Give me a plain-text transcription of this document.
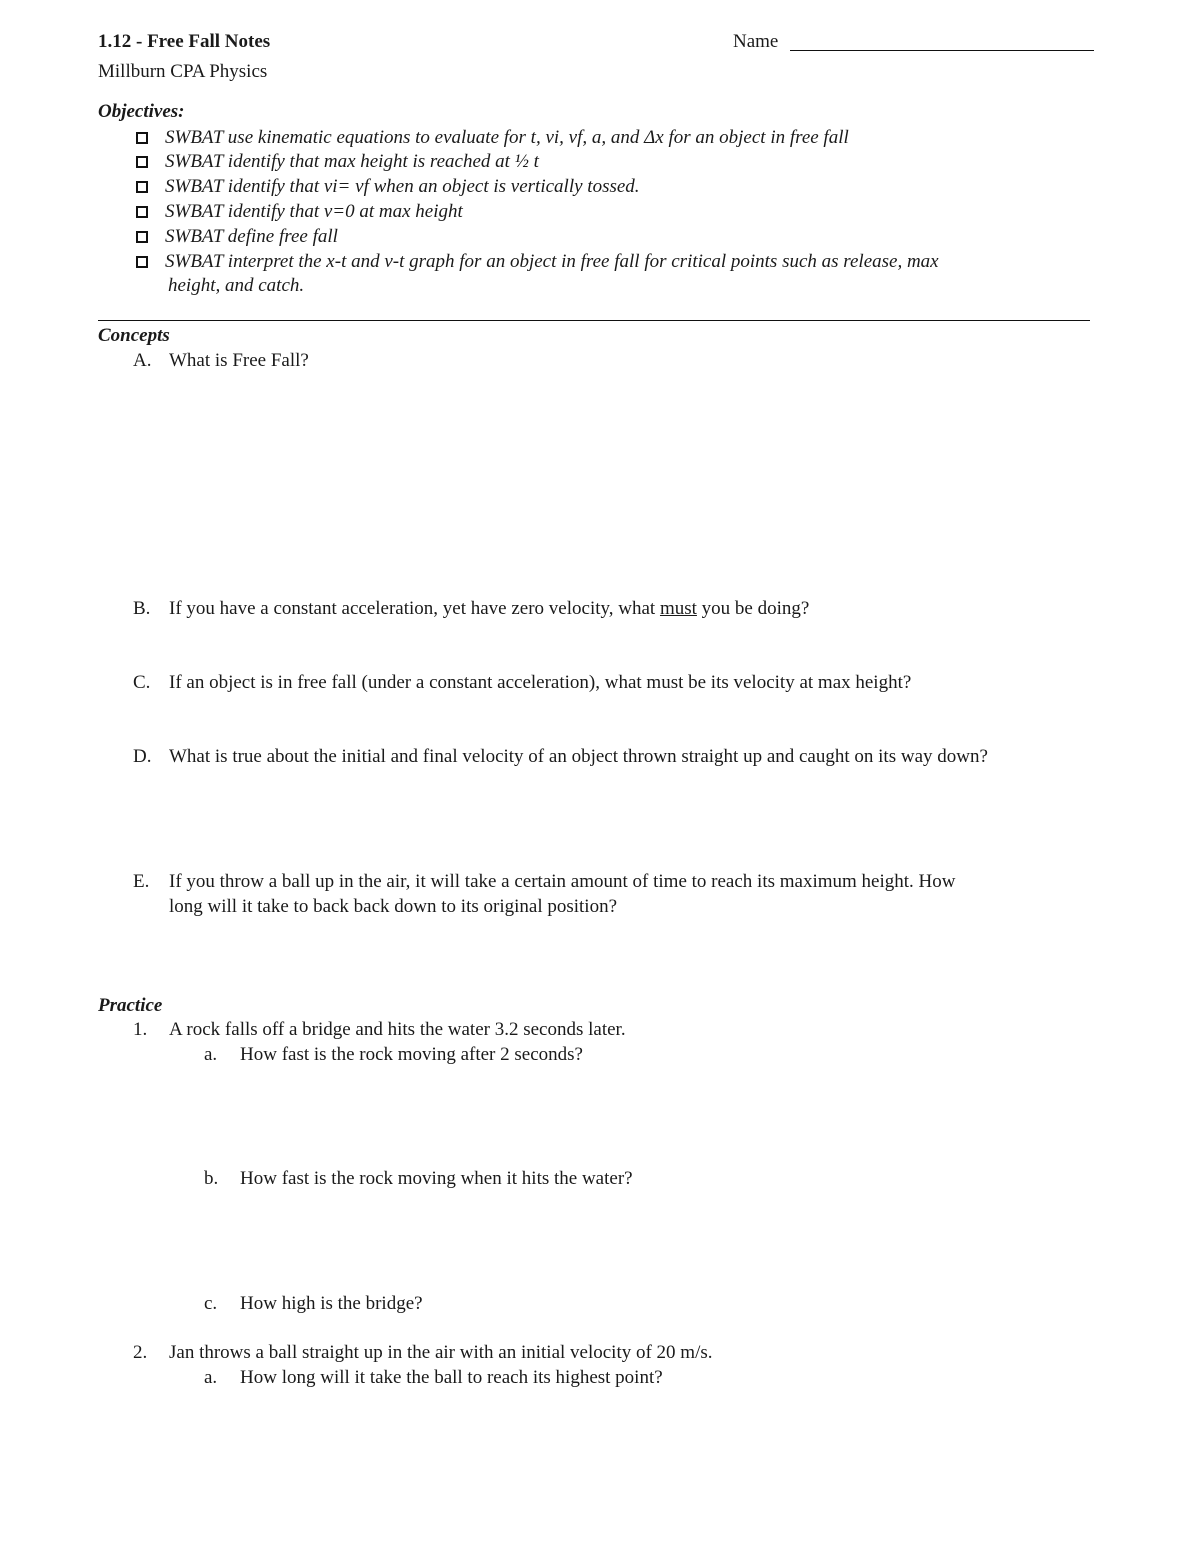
1.12 - Free Fall Notes
Millburn CPA Physics
Name
Objectives:
SWBAT use kinematic equations to evaluate for t, vi, vf, a, and Δx for an object in free fall
SWBAT identify that max height is reached at ½ t
SWBAT identify that vi= vf when an object is vertically tossed.
SWBAT identify that v=0 at max height
SWBAT define free fall
SWBAT interpret the x-t and v-t graph for an object in free fall for critical points such as release, max
height, and catch.
Concepts
A. What is Free Fall?
B. If you have a constant acceleration, yet have zero velocity, what must you be doing?
C. If an object is in free fall (under a constant acceleration), what must be its velocity at max height?
D. What is true about the initial and final velocity of an object thrown straight up and caught on its way down?
E. If you throw a ball up in the air, it will take a certain amount of time to reach its maximum height. How
long will it take to back back down to its original position?
Practice
1. A rock falls off a bridge and hits the water 3.2 seconds later.
a. How fast is the rock moving after 2 seconds?
b. How fast is the rock moving when it hits the water?
c. How high is the bridge?
2. Jan throws a ball straight up in the air with an initial velocity of 20 m/s.
a. How long will it take the ball to reach its highest point?
